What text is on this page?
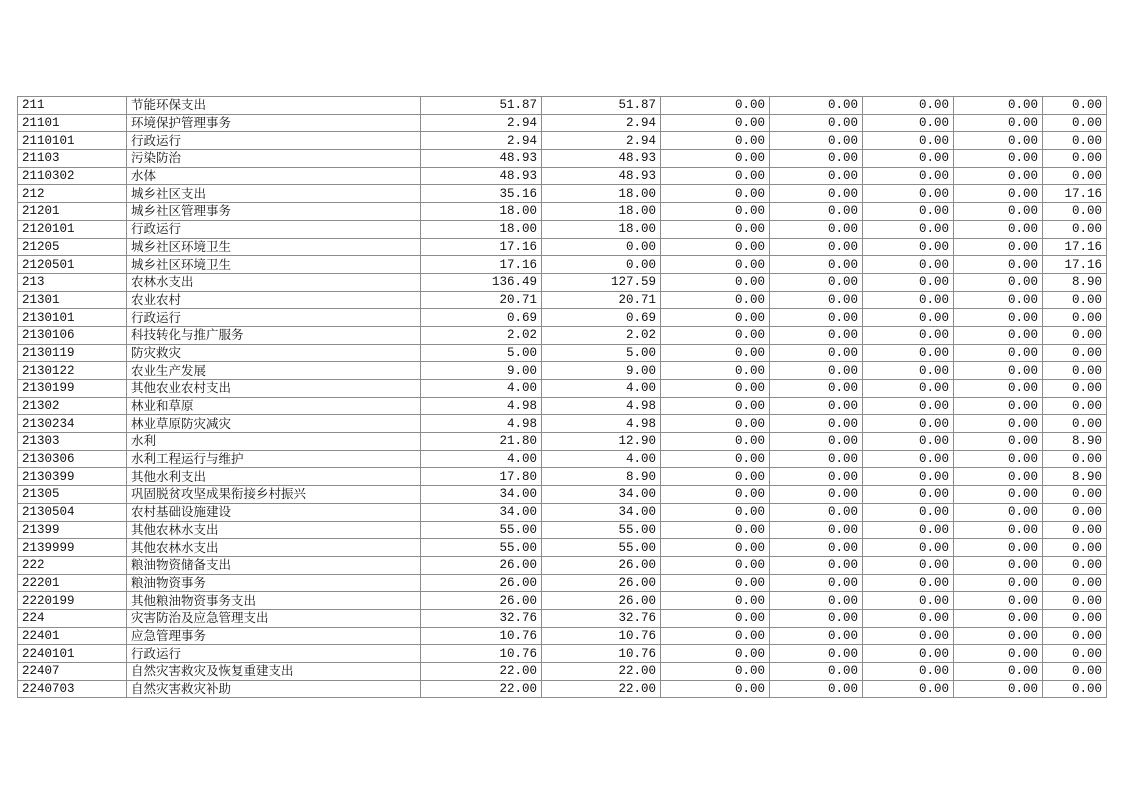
211	节能环保支出	51.87	51.87	0.00	0.00	0.00	0.00	0.00
21101	环境保护管理事务	2.94	2.94	0.00	0.00	0.00	0.00	0.00
2110101	行政运行	2.94	2.94	0.00	0.00	0.00	0.00	0.00
21103	污染防治	48.93	48.93	0.00	0.00	0.00	0.00	0.00
2110302	水体	48.93	48.93	0.00	0.00	0.00	0.00	0.00
212	城乡社区支出	35.16	18.00	0.00	0.00	0.00	0.00	17.16
21201	城乡社区管理事务	18.00	18.00	0.00	0.00	0.00	0.00	0.00
2120101	行政运行	18.00	18.00	0.00	0.00	0.00	0.00	0.00
21205	城乡社区环境卫生	17.16	0.00	0.00	0.00	0.00	0.00	17.16
2120501	城乡社区环境卫生	17.16	0.00	0.00	0.00	0.00	0.00	17.16
213	农林水支出	136.49	127.59	0.00	0.00	0.00	0.00	8.90
21301	农业农村	20.71	20.71	0.00	0.00	0.00	0.00	0.00
2130101	行政运行	0.69	0.69	0.00	0.00	0.00	0.00	0.00
2130106	科技转化与推广服务	2.02	2.02	0.00	0.00	0.00	0.00	0.00
2130119	防灾救灾	5.00	5.00	0.00	0.00	0.00	0.00	0.00
2130122	农业生产发展	9.00	9.00	0.00	0.00	0.00	0.00	0.00
2130199	其他农业农村支出	4.00	4.00	0.00	0.00	0.00	0.00	0.00
21302	林业和草原	4.98	4.98	0.00	0.00	0.00	0.00	0.00
2130234	林业草原防灾减灾	4.98	4.98	0.00	0.00	0.00	0.00	0.00
21303	水利	21.80	12.90	0.00	0.00	0.00	0.00	8.90
2130306	水利工程运行与维护	4.00	4.00	0.00	0.00	0.00	0.00	0.00
2130399	其他水利支出	17.80	8.90	0.00	0.00	0.00	0.00	8.90
21305	巩固脱贫攻坚成果衔接乡村振兴	34.00	34.00	0.00	0.00	0.00	0.00	0.00
2130504	农村基础设施建设	34.00	34.00	0.00	0.00	0.00	0.00	0.00
21399	其他农林水支出	55.00	55.00	0.00	0.00	0.00	0.00	0.00
2139999	其他农林水支出	55.00	55.00	0.00	0.00	0.00	0.00	0.00
222	粮油物资储备支出	26.00	26.00	0.00	0.00	0.00	0.00	0.00
22201	粮油物资事务	26.00	26.00	0.00	0.00	0.00	0.00	0.00
2220199	其他粮油物资事务支出	26.00	26.00	0.00	0.00	0.00	0.00	0.00
224	灾害防治及应急管理支出	32.76	32.76	0.00	0.00	0.00	0.00	0.00
22401	应急管理事务	10.76	10.76	0.00	0.00	0.00	0.00	0.00
2240101	行政运行	10.76	10.76	0.00	0.00	0.00	0.00	0.00
22407	自然灾害救灾及恢复重建支出	22.00	22.00	0.00	0.00	0.00	0.00	0.00
2240703	自然灾害救灾补助	22.00	22.00	0.00	0.00	0.00	0.00	0.00
